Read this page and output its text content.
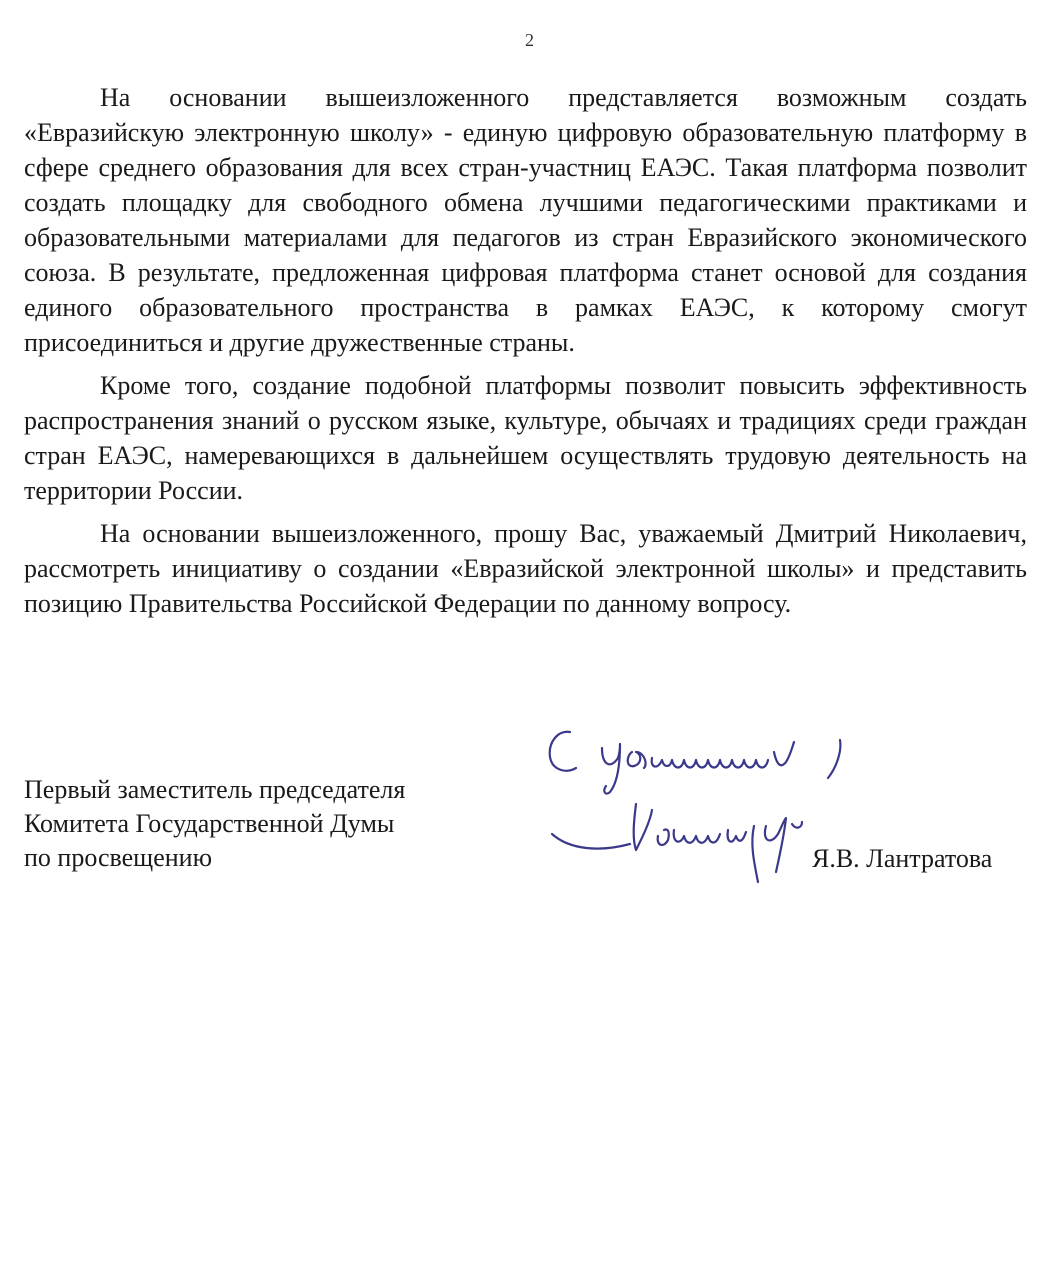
2

На основании вышеизложенного представляется возможным создать «Евразийскую электронную школу» - единую цифровую образовательную платформу в сфере среднего образования для всех стран-участниц ЕАЭС. Такая платформа позволит создать площадку для свободного обмена лучшими педагогическими практиками и образовательными материалами для педагогов из стран Евразийского экономического союза. В результате, предложенная цифровая платформа станет основой для создания единого образовательного пространства в рамках ЕАЭС, к которому смогут присоединиться и другие дружественные страны.

Кроме того, создание подобной платформы позволит повысить эффективность распространения знаний о русском языке, культуре, обычаях и традициях среди граждан стран ЕАЭС, намеревающихся в дальнейшем осуществлять трудовую деятельность на территории России.

На основании вышеизложенного, прошу Вас, уважаемый Дмитрий Николаевич, рассмотреть инициативу о создании «Евразийской электронной школы» и представить позицию Правительства Российской Федерации по данному вопросу.

Первый заместитель председателя
Комитета Государственной Думы
по просвещению	Я.В. Лантратова
